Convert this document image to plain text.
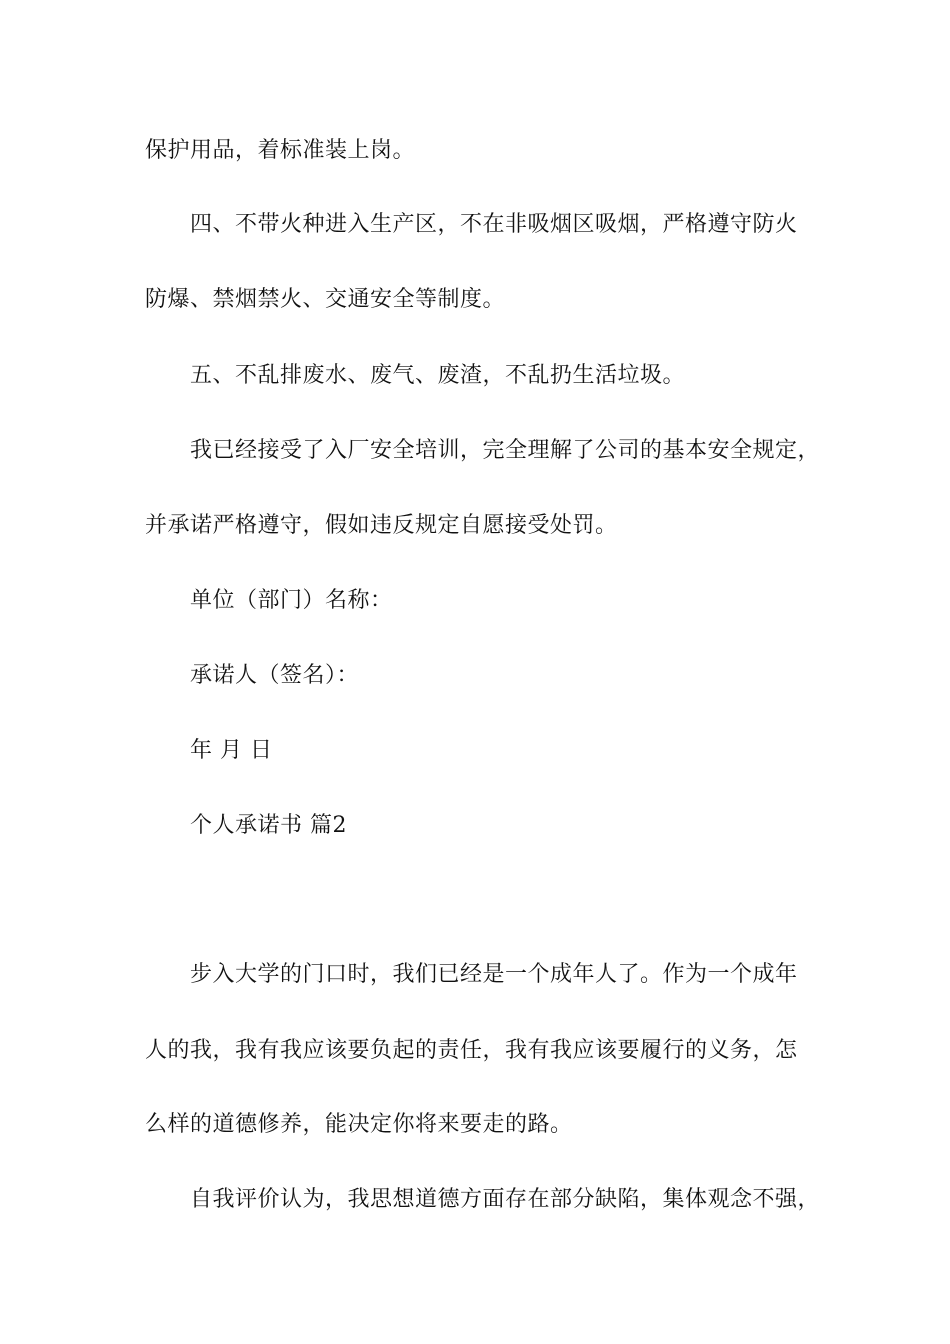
保护用品，着标准装上岗。
四、不带火种进入生产区，不在非吸烟区吸烟，严格遵守防火
防爆、禁烟禁火、交通安全等制度。
五、不乱排废水、废气、废渣，不乱扔生活垃圾。
我已经接受了入厂安全培训，完全理解了公司的基本安全规定，
并承诺严格遵守，假如违反规定自愿接受处罚。
单位（部门）名称：
承诺人（签名）：
年 月 日
个人承诺书 篇2
步入大学的门口时，我们已经是一个成年人了。作为一个成年
人的我，我有我应该要负起的责任，我有我应该要履行的义务，怎
么样的道德修养，能决定你将来要走的路。
自我评价认为，我思想道德方面存在部分缺陷，集体观念不强，
